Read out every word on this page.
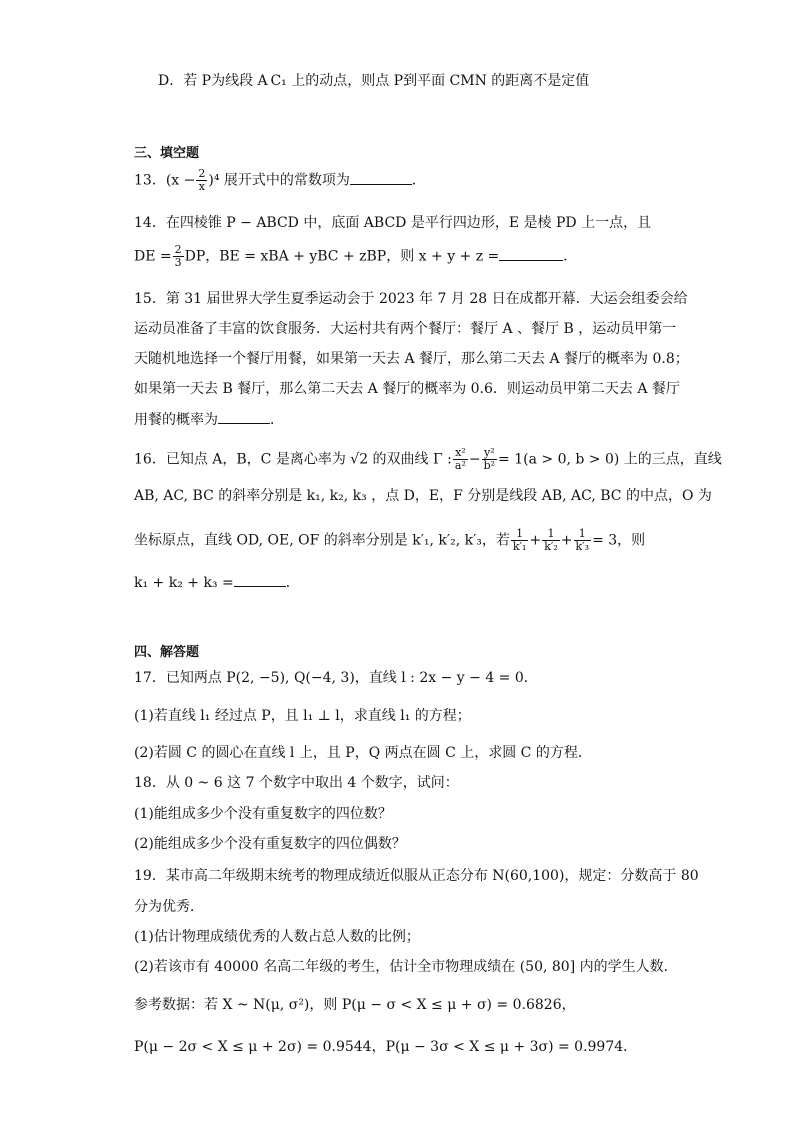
D．若 P为线段 A C₁ 上的动点，则点 P到平面 CMN 的距离不是定值
三、填空题
13．$(x - \frac{2}{x} )^4$ 展开式中的常数项为	．
14．在四棱锥 P − ABCD 中，底面 ABCD 是平行四边形，E 是棱 PD 上一点，且
DE = $\frac{2}{3}$ DP，BE = xBA + yBC + zBP，则 x + y + z =	．
15．第 31 届世界大学生夏季运动会于 2023 年 7 月 28 日在成都开幕．大运会组委会给
运动员准备了丰富的饮食服务．大运村共有两个餐厅：餐厅 A 、餐厅 B ，运动员甲第一
天随机地选择一个餐厅用餐，如果第一天去 A 餐厅，那么第二天去 A 餐厅的概率为 0.8；
如果第一天去 B 餐厅，那么第二天去 A 餐厅的概率为 0.6．则运动员甲第二天去 A 餐厅
用餐的概率为	．
16．已知点 A，B，C 是离心率为 √2 的双曲线 Γ : $\frac{\text{x²}}{\text{a²}} - \frac{\text{y²}}{\text{b²}} = 1(a > 0$, b > 0) 上的三点，直线
AB, AC, BC 的斜率分别是 k₁, k₂, k₃ ，点 D，E，F 分别是线段 AB, AC, BC 的中点，O 为
坐标原点，直线 OD, OE, OF 的斜率分别是 k′₁, k′₂, k′₃，若 $\frac{1}{\text{k′₁}} + \frac{1}{\text{k′₂}} + \frac{1}{\text{k′₃}} = 3$，则
k₁ + k₂ + k₃ =	．
四、解答题
17．已知两点 P(2, −5), Q(−4, 3)，直线 l : 2x − y − 4 = 0．
(1)若直线 l₁ 经过点 P，且 l₁ ⊥ l，求直线 l₁ 的方程；
(2)若圆 C 的圆心在直线 l 上，且 P，Q 两点在圆 C 上，求圆 C 的方程．
18．从 0 ~ 6 这 7 个数字中取出 4 个数字，试问：
(1)能组成多少个没有重复数字的四位数？
(2)能组成多少个没有重复数字的四位偶数？
19．某市高二年级期末统考的物理成绩近似服从正态分布 N(60,100)，规定：分数高于 80
分为优秀．
(1)估计物理成绩优秀的人数占总人数的比例；
(2)若该市有 40000 名高二年级的考生，估计全市物理成绩在 (50, 80] 内的学生人数．
参考数据：若 X ~ N(μ, σ²)，则 P(μ − σ < X ≤ μ + σ) = 0.6826，
P(μ − 2σ < X ≤ μ + 2σ) = 0.9544，P(μ − 3σ < X ≤ μ + 3σ) = 0.9974．
